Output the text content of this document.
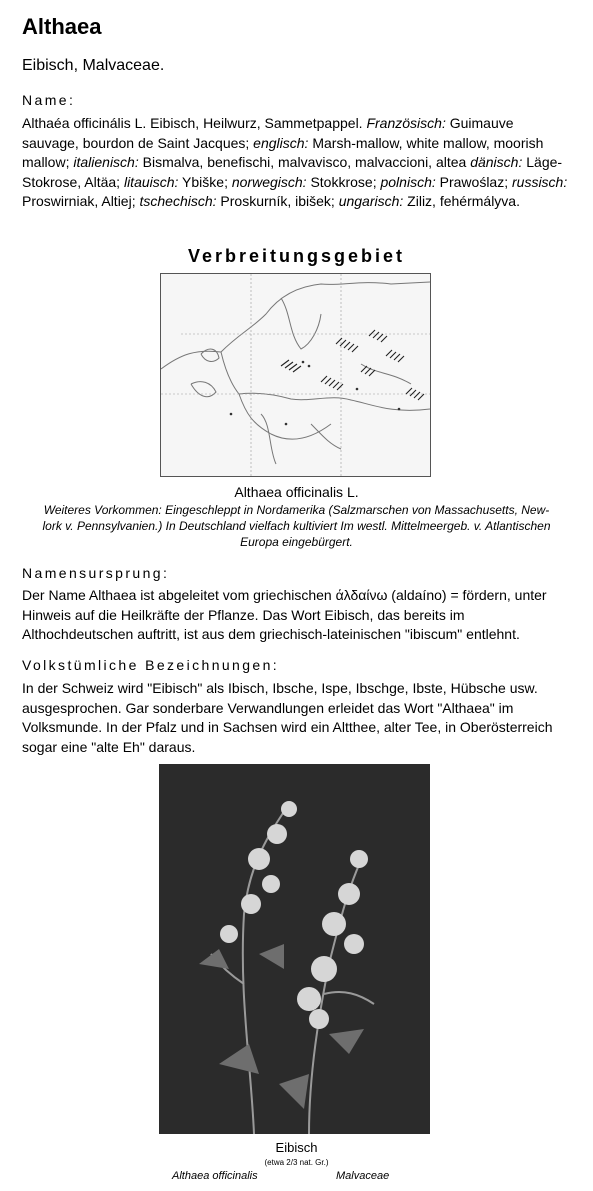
Althaea

Eibisch, Malvaceae.

Name:

Althaéa officinális L. Eibisch, Heilwurz, Sammetpappel. Französisch: Guimauve sauvage, bourdon de Saint Jacques; englisch: Marsh-mallow, white mallow, moorish mallow; italienisch: Bismalva, benefischi, malvavisco, malvaccioni, altea dänisch: Läge-Stokrose, Altäa; litauisch: Ybiške; norwegisch: Stokkrose; polnisch: Prawoślaz; russisch: Proswirniak, Altiej; tschechisch: Proskurník, ibišek; ungarisch: Ziliz, fehérmályva.

Verbreitungsgebiet
Althaea officinalis L.
Weiteres Vorkommen: Eingeschleppt in Nordamerika (Salzmarschen von Massachusetts, New-lork v. Pennsylvanien.) In Deutschland vielfach kultiviert Im westl. Mittelmeergeb. v. Atlantischen Europa eingebürgert.

Namensursprung:

Der Name Althaea ist abgeleitet vom griechischen άλδαίνω (aldaíno) = fördern, unter Hinweis auf die Heilkräfte der Pflanze. Das Wort Eibisch, das bereits im Althochdeutschen auftritt, ist aus dem griechisch-lateinischen "ibiscum" entlehnt.

Volkstümliche Bezeichnungen:

In der Schweiz wird "Eibisch" als Ibisch, Ibsche, Ispe, Ibschge, Ibste, Hübsche usw. ausgesprochen. Gar sonderbare Verwandlungen erleidet das Wort "Althaea" im Volksmunde. In der Pfalz und in Sachsen wird ein Altthee, alter Tee, in Oberösterreich sogar eine "alte Eh" daraus.

Eibisch
(etwa 2/3 nat. Gr.)
Althaea officinalis	Malvaceae
